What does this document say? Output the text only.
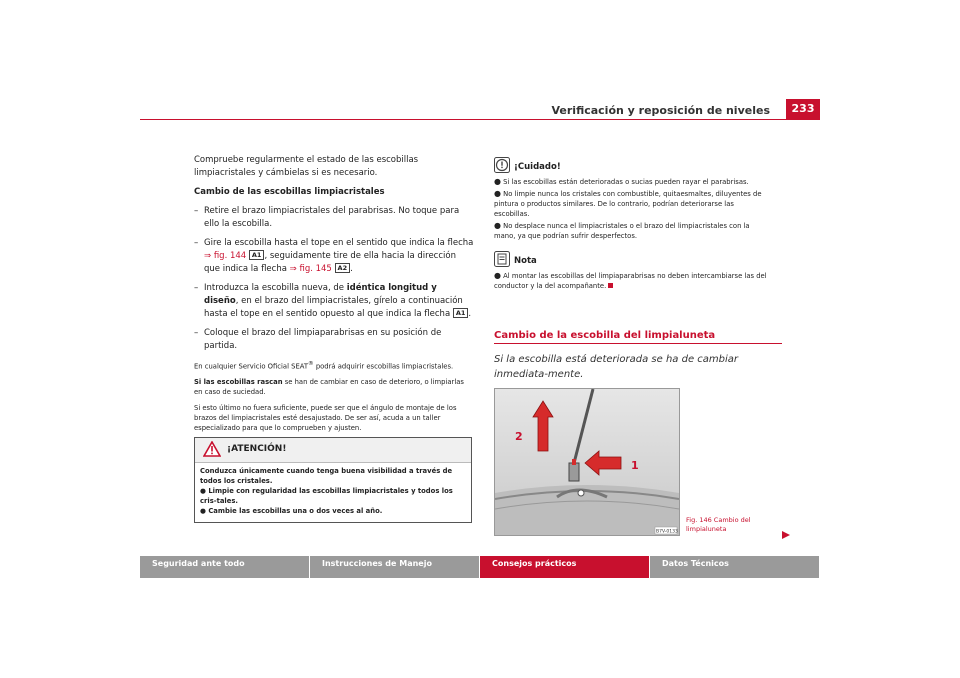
Verificación y reposición de niveles	233

Compruebe regularmente el estado de las escobillas limpiacristales y cámbielas si es necesario.

Cambio de las escobillas limpiacristales

– Retire el brazo limpiacristales del parabrisas. No toque para ello la escobilla.

– Gire la escobilla hasta el tope en el sentido que indica la flecha ⇒ fig. 144 A1 , seguidamente tire de ella hacia la dirección que indica la flecha ⇒ fig. 145 A2 .

– Introduzca la escobilla nueva, de idéntica longitud y diseño, en el brazo del limpiacristales, gírelo a continuación hasta el tope en el sentido opuesto al que indica la flecha A1 .

– Coloque el brazo del limpiaparabrisas en su posición de partida.

En cualquier Servicio Oficial SEAT® podrá adquirir escobillas limpiacristales.

Si las escobillas rascan se han de cambiar en caso de deterioro, o limpiarlas en caso de suciedad.

Si esto último no fuera suficiente, puede ser que el ángulo de montaje de los brazos del limpiacristales esté desajustado. De ser así, acuda a un taller especializado para que lo comprueben y ajusten.

¡ATENCIÓN!
Conduzca únicamente cuando tenga buena visibilidad a través de todos los cristales.
● Limpie con regularidad las escobillas limpiacristales y todos los cris-tales.
● Cambie las escobillas una o dos veces al año.
¡Cuidado!
● Si las escobillas están deterioradas o sucias pueden rayar el parabrisas.
● No limpie nunca los cristales con combustible, quitaesmaltes, diluyentes de pintura o productos similares. De lo contrario, podrían deteriorarse las escobillas.
● No desplace nunca el limpiacristales o el brazo del limpiacristales con la mano, ya que podrían sufrir desperfectos.
Nota
● Al montar las escobillas del limpiaparabrisas no deben intercambiarse las del conductor y la del acompañante.
Cambio de la escobilla del limpialuneta
Si la escobilla está deteriorada se ha de cambiar inmediata-mente.
2
1
B7V-0133
Fig. 146 Cambio del limpialuneta
Seguridad ante todo	Instrucciones de Manejo	Consejos prácticos	Datos Técnicos
